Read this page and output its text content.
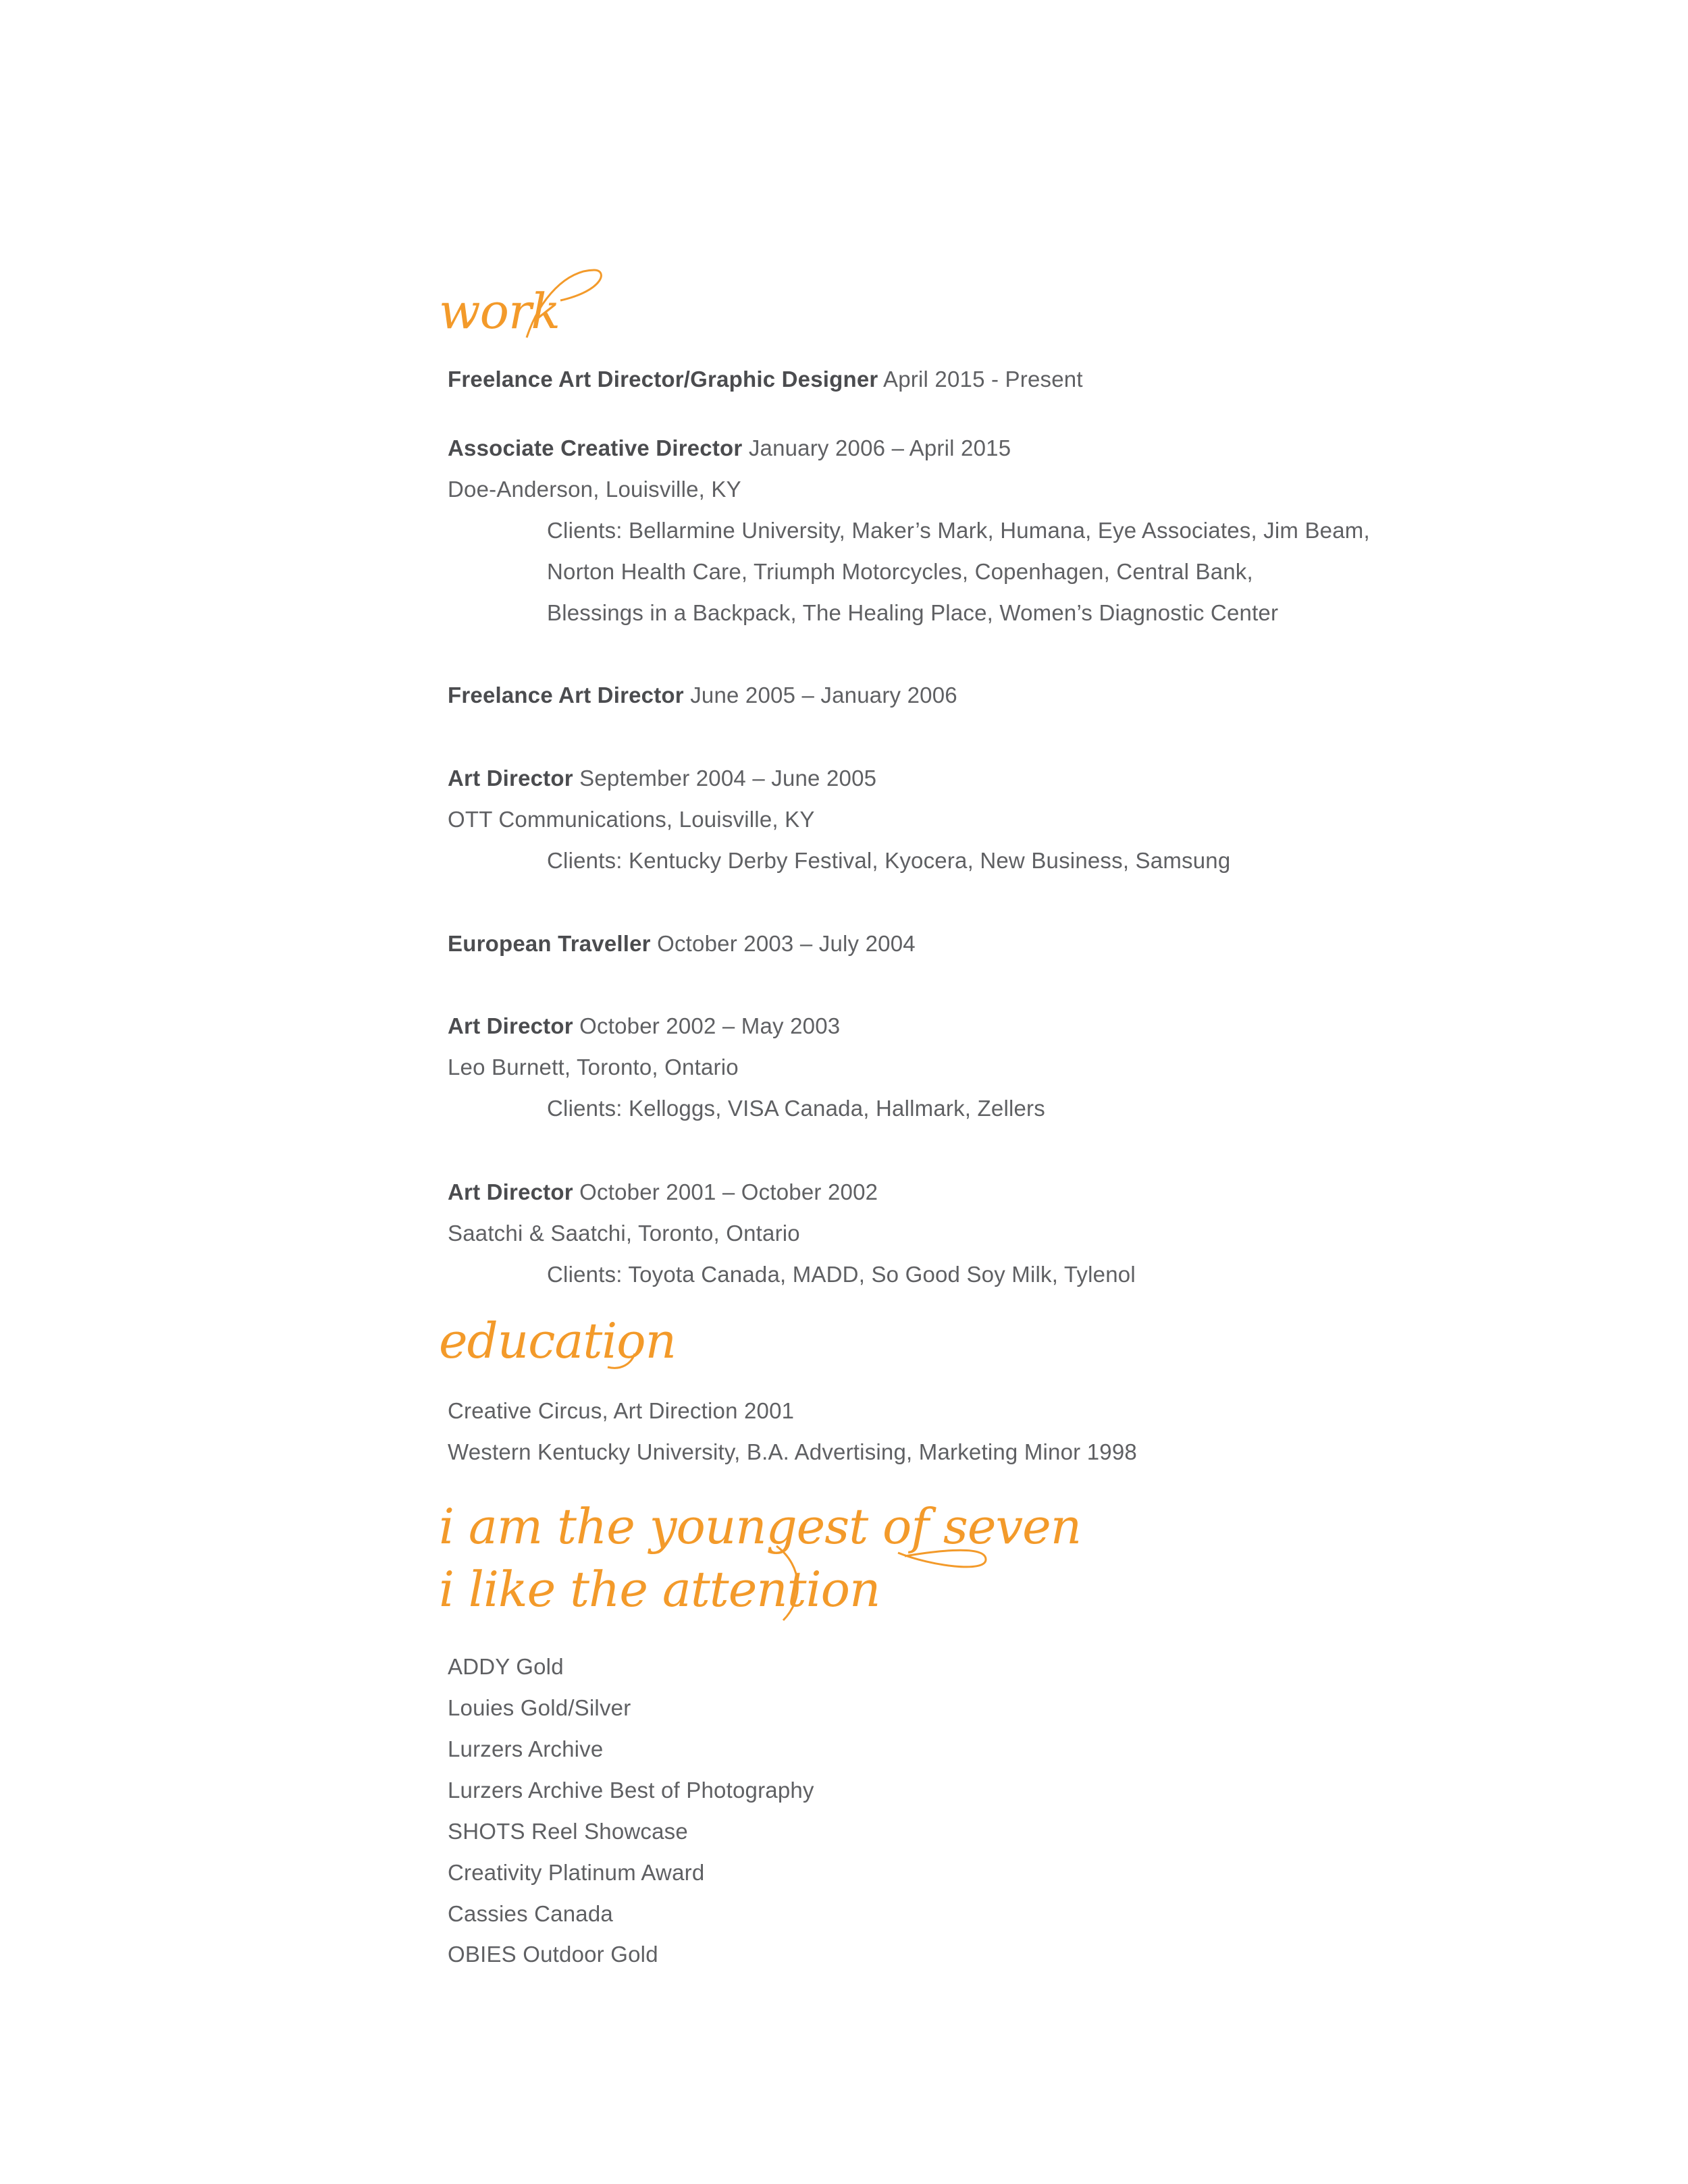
work
Freelance Art Director/Graphic Designer April 2015 - Present
Associate Creative Director January 2006 – April 2015
Doe-Anderson, Louisville, KY
Clients: Bellarmine University, Maker’s Mark, Humana, Eye Associates, Jim Beam,
Norton Health Care, Triumph Motorcycles, Copenhagen, Central Bank,
Blessings in a Backpack, The Healing Place, Women’s Diagnostic Center
Freelance Art Director June 2005 – January 2006
Art Director September 2004 – June 2005
OTT Communications, Louisville, KY
Clients: Kentucky Derby Festival, Kyocera, New Business, Samsung
European Traveller October 2003 – July 2004
Art Director October 2002 – May 2003
Leo Burnett, Toronto, Ontario
Clients: Kelloggs, VISA Canada, Hallmark, Zellers
Art Director October 2001 – October 2002
Saatchi & Saatchi, Toronto, Ontario
Clients: Toyota Canada, MADD, So Good Soy Milk, Tylenol
education
Creative Circus, Art Direction 2001
Western Kentucky University, B.A. Advertising, Marketing Minor 1998
i am the youngest of seven
i like the attention
ADDY Gold
Louies Gold/Silver
Lurzers Archive
Lurzers Archive Best of Photography
SHOTS Reel Showcase
Creativity Platinum Award
Cassies Canada
OBIES Outdoor Gold
